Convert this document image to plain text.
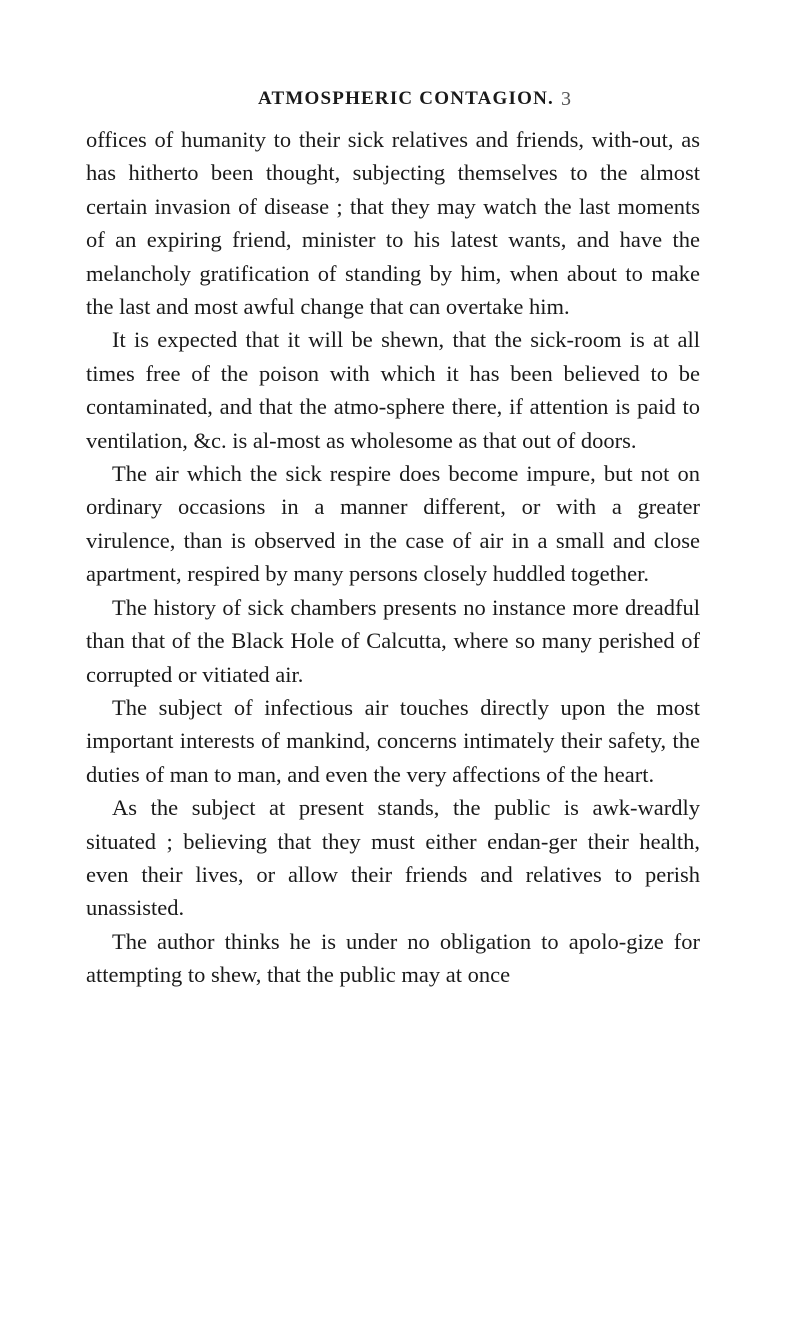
ATMOSPHERIC CONTAGION. 3

offices of humanity to their sick relatives and friends, with-out, as has hitherto been thought, subjecting themselves to the almost certain invasion of disease ; that they may watch the last moments of an expiring friend, minister to his latest wants, and have the melancholy gratification of standing by him, when about to make the last and most awful change that can overtake him.

It is expected that it will be shewn, that the sick-room is at all times free of the poison with which it has been believed to be contaminated, and that the atmo-sphere there, if attention is paid to ventilation, &c. is al-most as wholesome as that out of doors.

The air which the sick respire does become impure, but not on ordinary occasions in a manner different, or with a greater virulence, than is observed in the case of air in a small and close apartment, respired by many persons closely huddled together.

The history of sick chambers presents no instance more dreadful than that of the Black Hole of Calcutta, where so many perished of corrupted or vitiated air.

The subject of infectious air touches directly upon the most important interests of mankind, concerns intimately their safety, the duties of man to man, and even the very affections of the heart.

As the subject at present stands, the public is awk-wardly situated ; believing that they must either endan-ger their health, even their lives, or allow their friends and relatives to perish unassisted.

The author thinks he is under no obligation to apolo-gize for attempting to shew, that the public may at once
